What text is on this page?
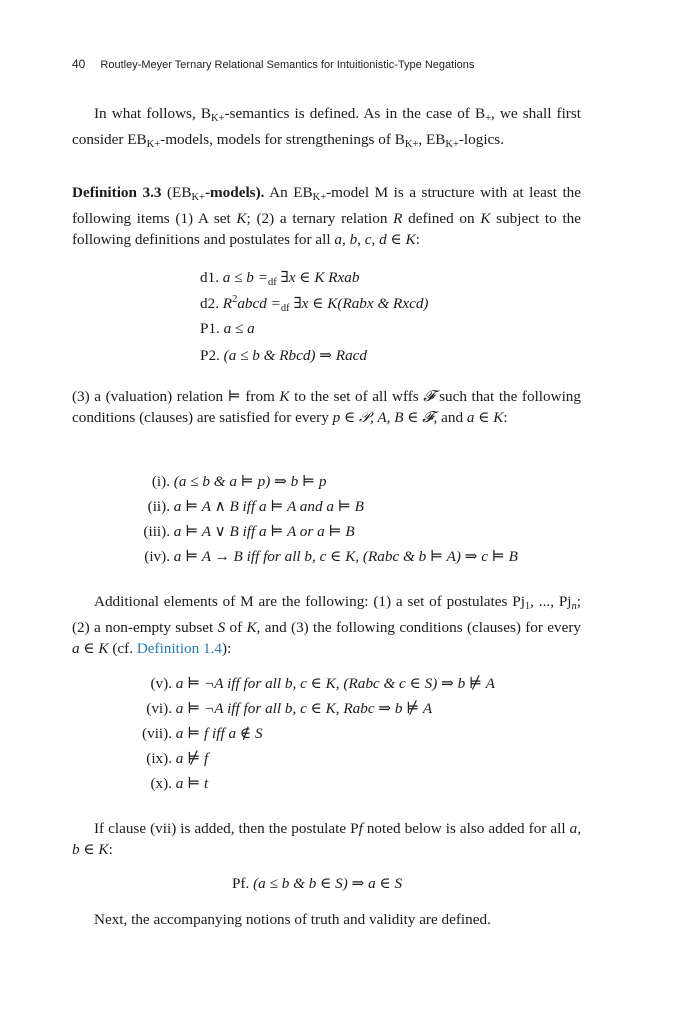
40 Routley-Meyer Ternary Relational Semantics for Intuitionistic-Type Negations
In what follows, $B_{K+}$-semantics is defined. As in the case of $B_+$, we shall first consider $EB_{K+}$-models, models for strengthenings of $B_{K+}$, $EB_{K+}$-logics.
Definition 3.3 $(EB_{K+}-models)$. An $EB_{K+}$-model M is a structure with at least the following items (1) A set K; (2) a ternary relation R defined on K subject to the following definitions and postulates for all a, b, c, d ∈ K:
d1. $a \le b =_{df}$ ∃x ∈ K Rxab
d2. $R^2abcd =_{df}$ ∃x ∈ K(Rabx & Rxcd)
P1. a ≤ a
P2. (a ≤ b & Rbcd) ⇒ Racd
(3) a (valuation) relation ⊨ from K to the set of all wffs 𝓕 such that the following conditions (clauses) are satisfied for every p ∈ 𝒫, A, B ∈ 𝓕, and a ∈ K:
(i). (a ≤ b & a ⊨ p) ⇒ b ⊨ p
(ii). a ⊨ A ∧ B iff a ⊨ A and a ⊨ B
(iii). a ⊨ A ∨ B iff a ⊨ A or a ⊨ B
(iv). a ⊨ A → B iff for all b, c ∈ K, (Rabc & b ⊨ A) ⇒ c ⊨ B
Additional elements of M are the following: (1) a set of postulates $Pj_1$, ..., $Pj_n$; (2) a non-empty subset S of K, and (3) the following conditions (clauses) for every a ∈ K (cf. Definition 1.4):
(v). a ⊨ ¬A iff for all b, c ∈ K, (Rabc & c ∈ S) ⇒ b ⊭ A
(vi). a ⊨ ¬A iff for all b, c ∈ K, Rabc ⇒ b ⊭ A
(vii). a ⊨ f iff a ∉ S
(ix). a ⊭ f
(x). a ⊨ t
If clause (vii) is added, then the postulate Pf noted below is also added for all a, b ∈ K:
Pf. (a ≤ b & b ∈ S) ⇒ a ∈ S
Next, the accompanying notions of truth and validity are defined.
